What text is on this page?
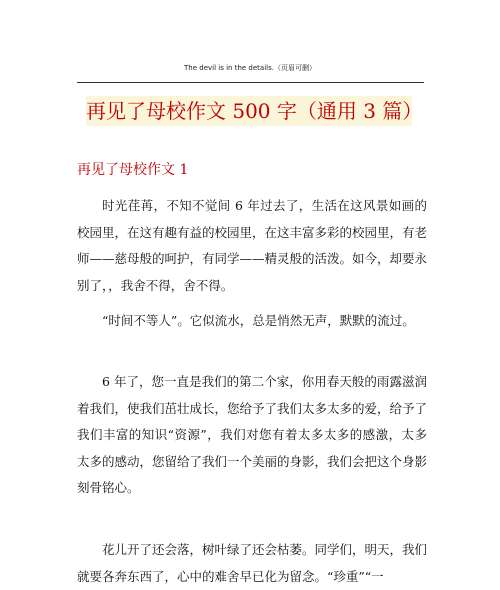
The devil is in the details.（页眉可删）
再见了母校作文 500 字（通用 3 篇）
再见了母校作文 1

时光荏苒，不知不觉间 6 年过去了，生活在这风景如画的校园里，在这有趣有益的校园里，在这丰富多彩的校园里，有老师——慈母般的呵护，有同学——精灵般的活泼。如今，却要永别了，，我舍不得，舍不得。

“时间不等人”。它似流水，总是悄然无声，默默的流过。

6 年了，您一直是我们的第二个家，你用春天般的雨露滋润着我们，使我们茁壮成长，您给予了我们太多太多的爱，给予了我们丰富的知识“资源”，我们对您有着太多太多的感激，太多太多的感动，您留给了我们一个美丽的身影，我们会把这个身影刻骨铭心。

花儿开了还会落，树叶绿了还会枯萎。同学们，明天，我们就要各奔东西了，心中的难舍早已化为留念。“珍重”“一
